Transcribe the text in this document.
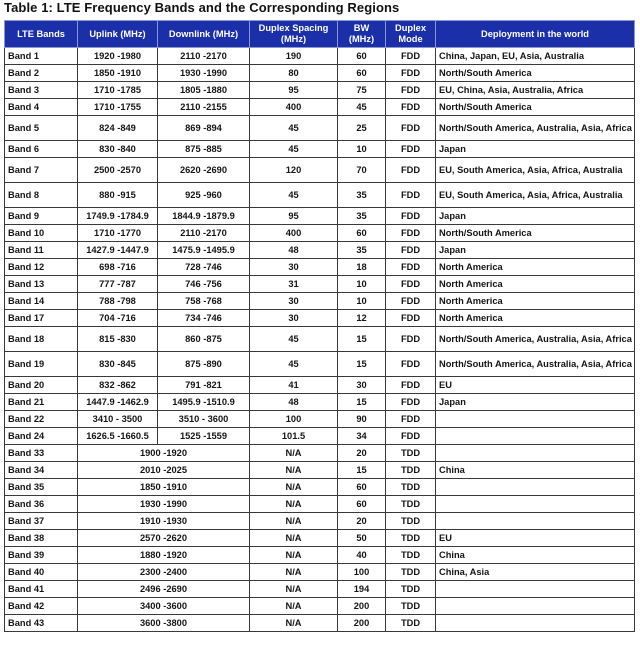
Table 1: LTE Frequency Bands and the Corresponding Regions
LTE Bands	Uplink (MHz)	Downlink (MHz)	Duplex Spacing (MHz)	BW (MHz)	Duplex Mode	Deployment in the world
Band 1	1920 -1980	2110 -2170	190	60	FDD	China, Japan, EU, Asia, Australia
Band 2	1850 -1910	1930 -1990	80	60	FDD	North/South America
Band 3	1710 -1785	1805 -1880	95	75	FDD	EU, China, Asia, Australia, Africa
Band 4	1710 -1755	2110 -2155	400	45	FDD	North/South America
Band 5	824 -849	869 -894	45	25	FDD	North/South America, Australia, Asia, Africa
Band 6	830 -840	875 -885	45	10	FDD	Japan
Band 7	2500 -2570	2620 -2690	120	70	FDD	EU, South America, Asia, Africa, Australia
Band 8	880 -915	925 -960	45	35	FDD	EU, South America, Asia, Africa, Australia
Band 9	1749.9 -1784.9	1844.9 -1879.9	95	35	FDD	Japan
Band 10	1710 -1770	2110 -2170	400	60	FDD	North/South America
Band 11	1427.9 -1447.9	1475.9 -1495.9	48	35	FDD	Japan
Band 12	698 -716	728 -746	30	18	FDD	North America
Band 13	777 -787	746 -756	31	10	FDD	North America
Band 14	788 -798	758 -768	30	10	FDD	North America
Band 17	704 -716	734 -746	30	12	FDD	North America
Band 18	815 -830	860 -875	45	15	FDD	North/South America, Australia, Asia, Africa
Band 19	830 -845	875 -890	45	15	FDD	North/South America, Australia, Asia, Africa
Band 20	832 -862	791 -821	41	30	FDD	EU
Band 21	1447.9 -1462.9	1495.9 -1510.9	48	15	FDD	Japan
Band 22	3410 - 3500	3510 - 3600	100	90	FDD	
Band 24	1626.5 -1660.5	1525 -1559	101.5	34	FDD	
Band 33	1900 -1920		N/A	20	TDD	
Band 34	2010 -2025		N/A	15	TDD	China
Band 35	1850 -1910		N/A	60	TDD	
Band 36	1930 -1990		N/A	60	TDD	
Band 37	1910 -1930		N/A	20	TDD	
Band 38	2570 -2620		N/A	50	TDD	EU
Band 39	1880 -1920		N/A	40	TDD	China
Band 40	2300 -2400		N/A	100	TDD	China, Asia
Band 41	2496 -2690		N/A	194	TDD	
Band 42	3400 -3600		N/A	200	TDD	
Band 43	3600 -3800		N/A	200	TDD	
